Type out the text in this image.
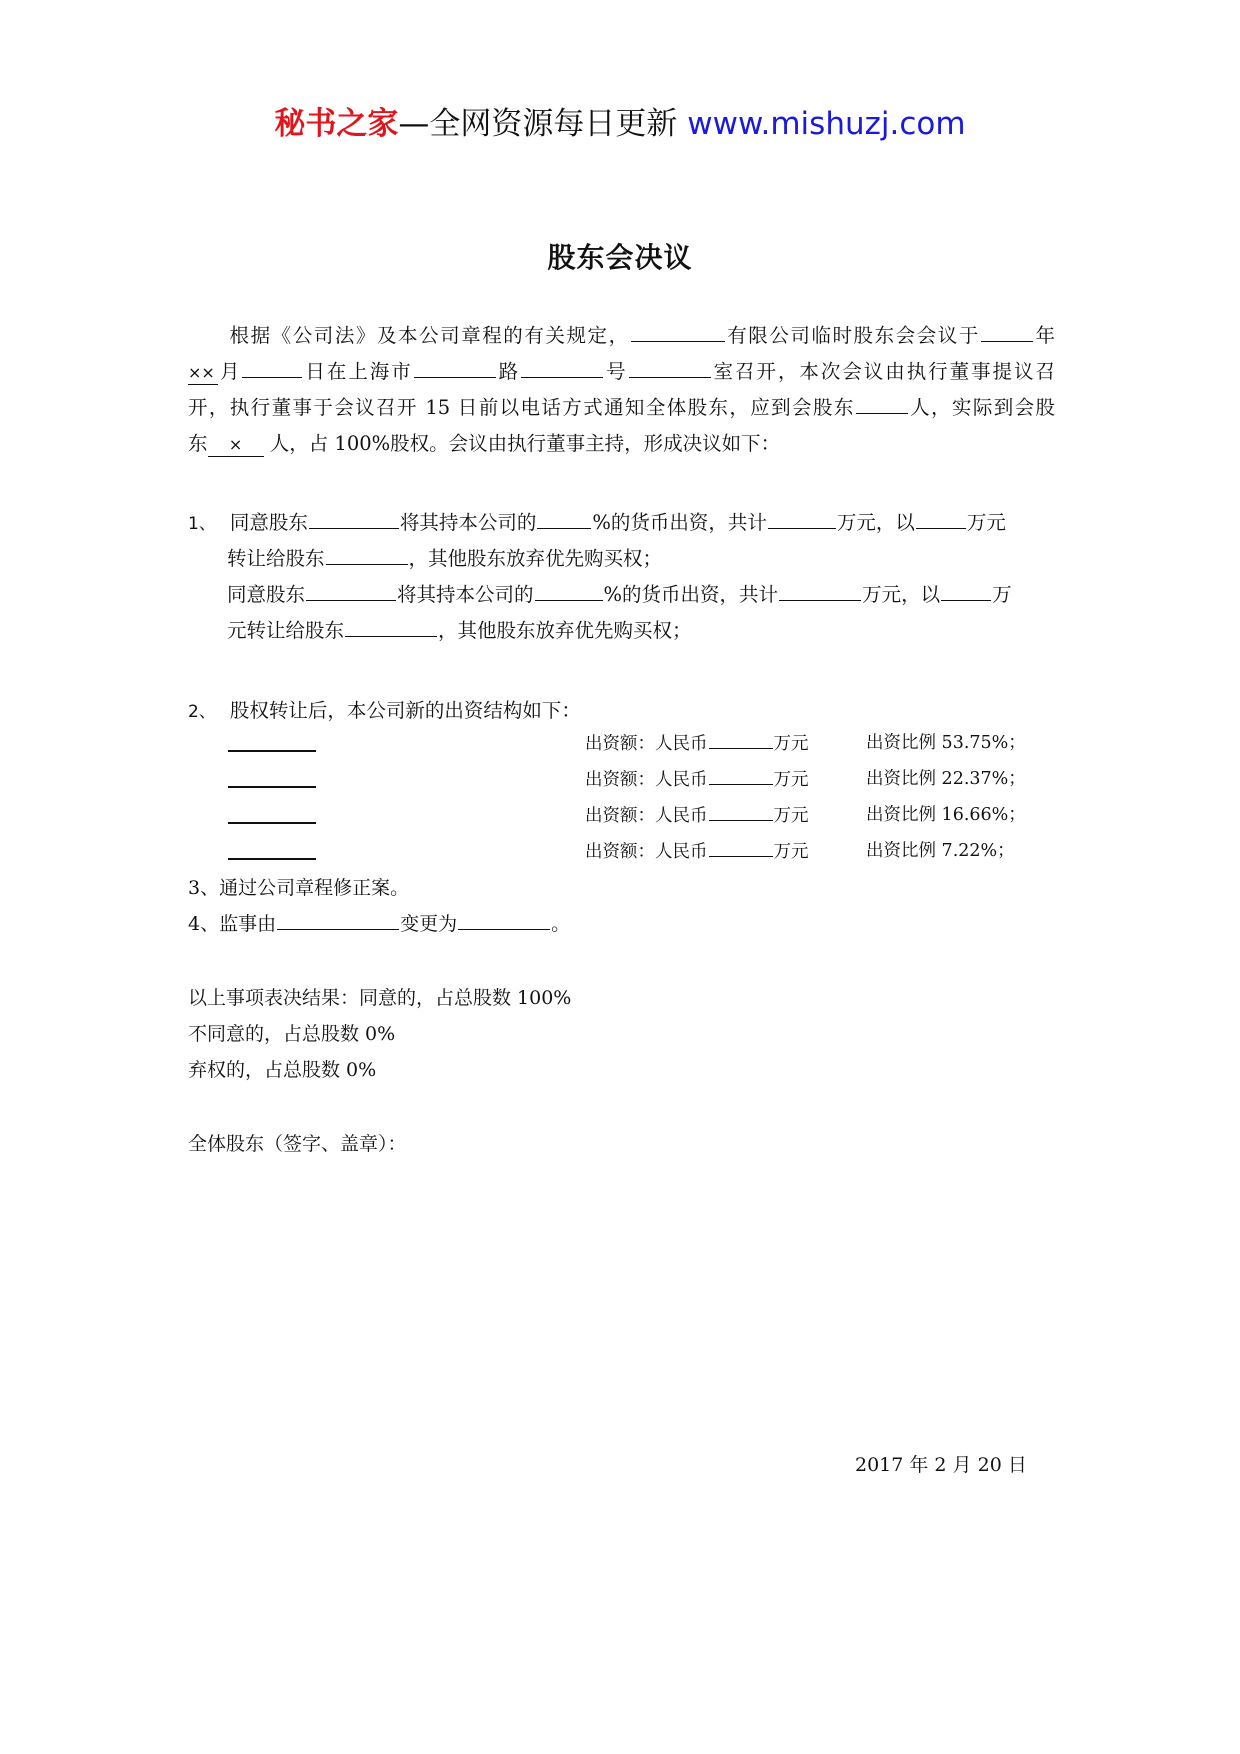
秘书之家—全网资源每日更新 www.mishuzj.com
股东会决议
根据《公司法》及本公司章程的有关规定，	有限公司临时股东会会议于	年
×× 月	日在上海市	路	号	室召开，本次会议由执行董事提议召
开，执行董事于会议召开 15 日前以电话方式通知全体股东，应到会股东	人，实际到会股
东 × 人，占 100%股权。会议由执行董事主持，形成决议如下：
1、 同意股东	将其持本公司的	%的货币出资，共计	万元，以	万元
转让给股东	，其他股东放弃优先购买权；
同意股东	将其持本公司的	%的货币出资，共计	万元，以	万
元转让给股东	，其他股东放弃优先购买权；
2、 股权转让后，本公司新的出资结构如下：
出资额：人民币	万元	出资比例 53.75%；
出资额：人民币	万元	出资比例 22.37%；
出资额：人民币	万元	出资比例 16.66%；
出资额：人民币	万元	出资比例 7.22%；
3、通过公司章程修正案。
4、监事由	变更为	。
以上事项表决结果：同意的，占总股数 100%
不同意的，占总股数 0%
弃权的，占总股数 0%
全体股东（签字、盖章）：
2017 年 2 月 20 日
